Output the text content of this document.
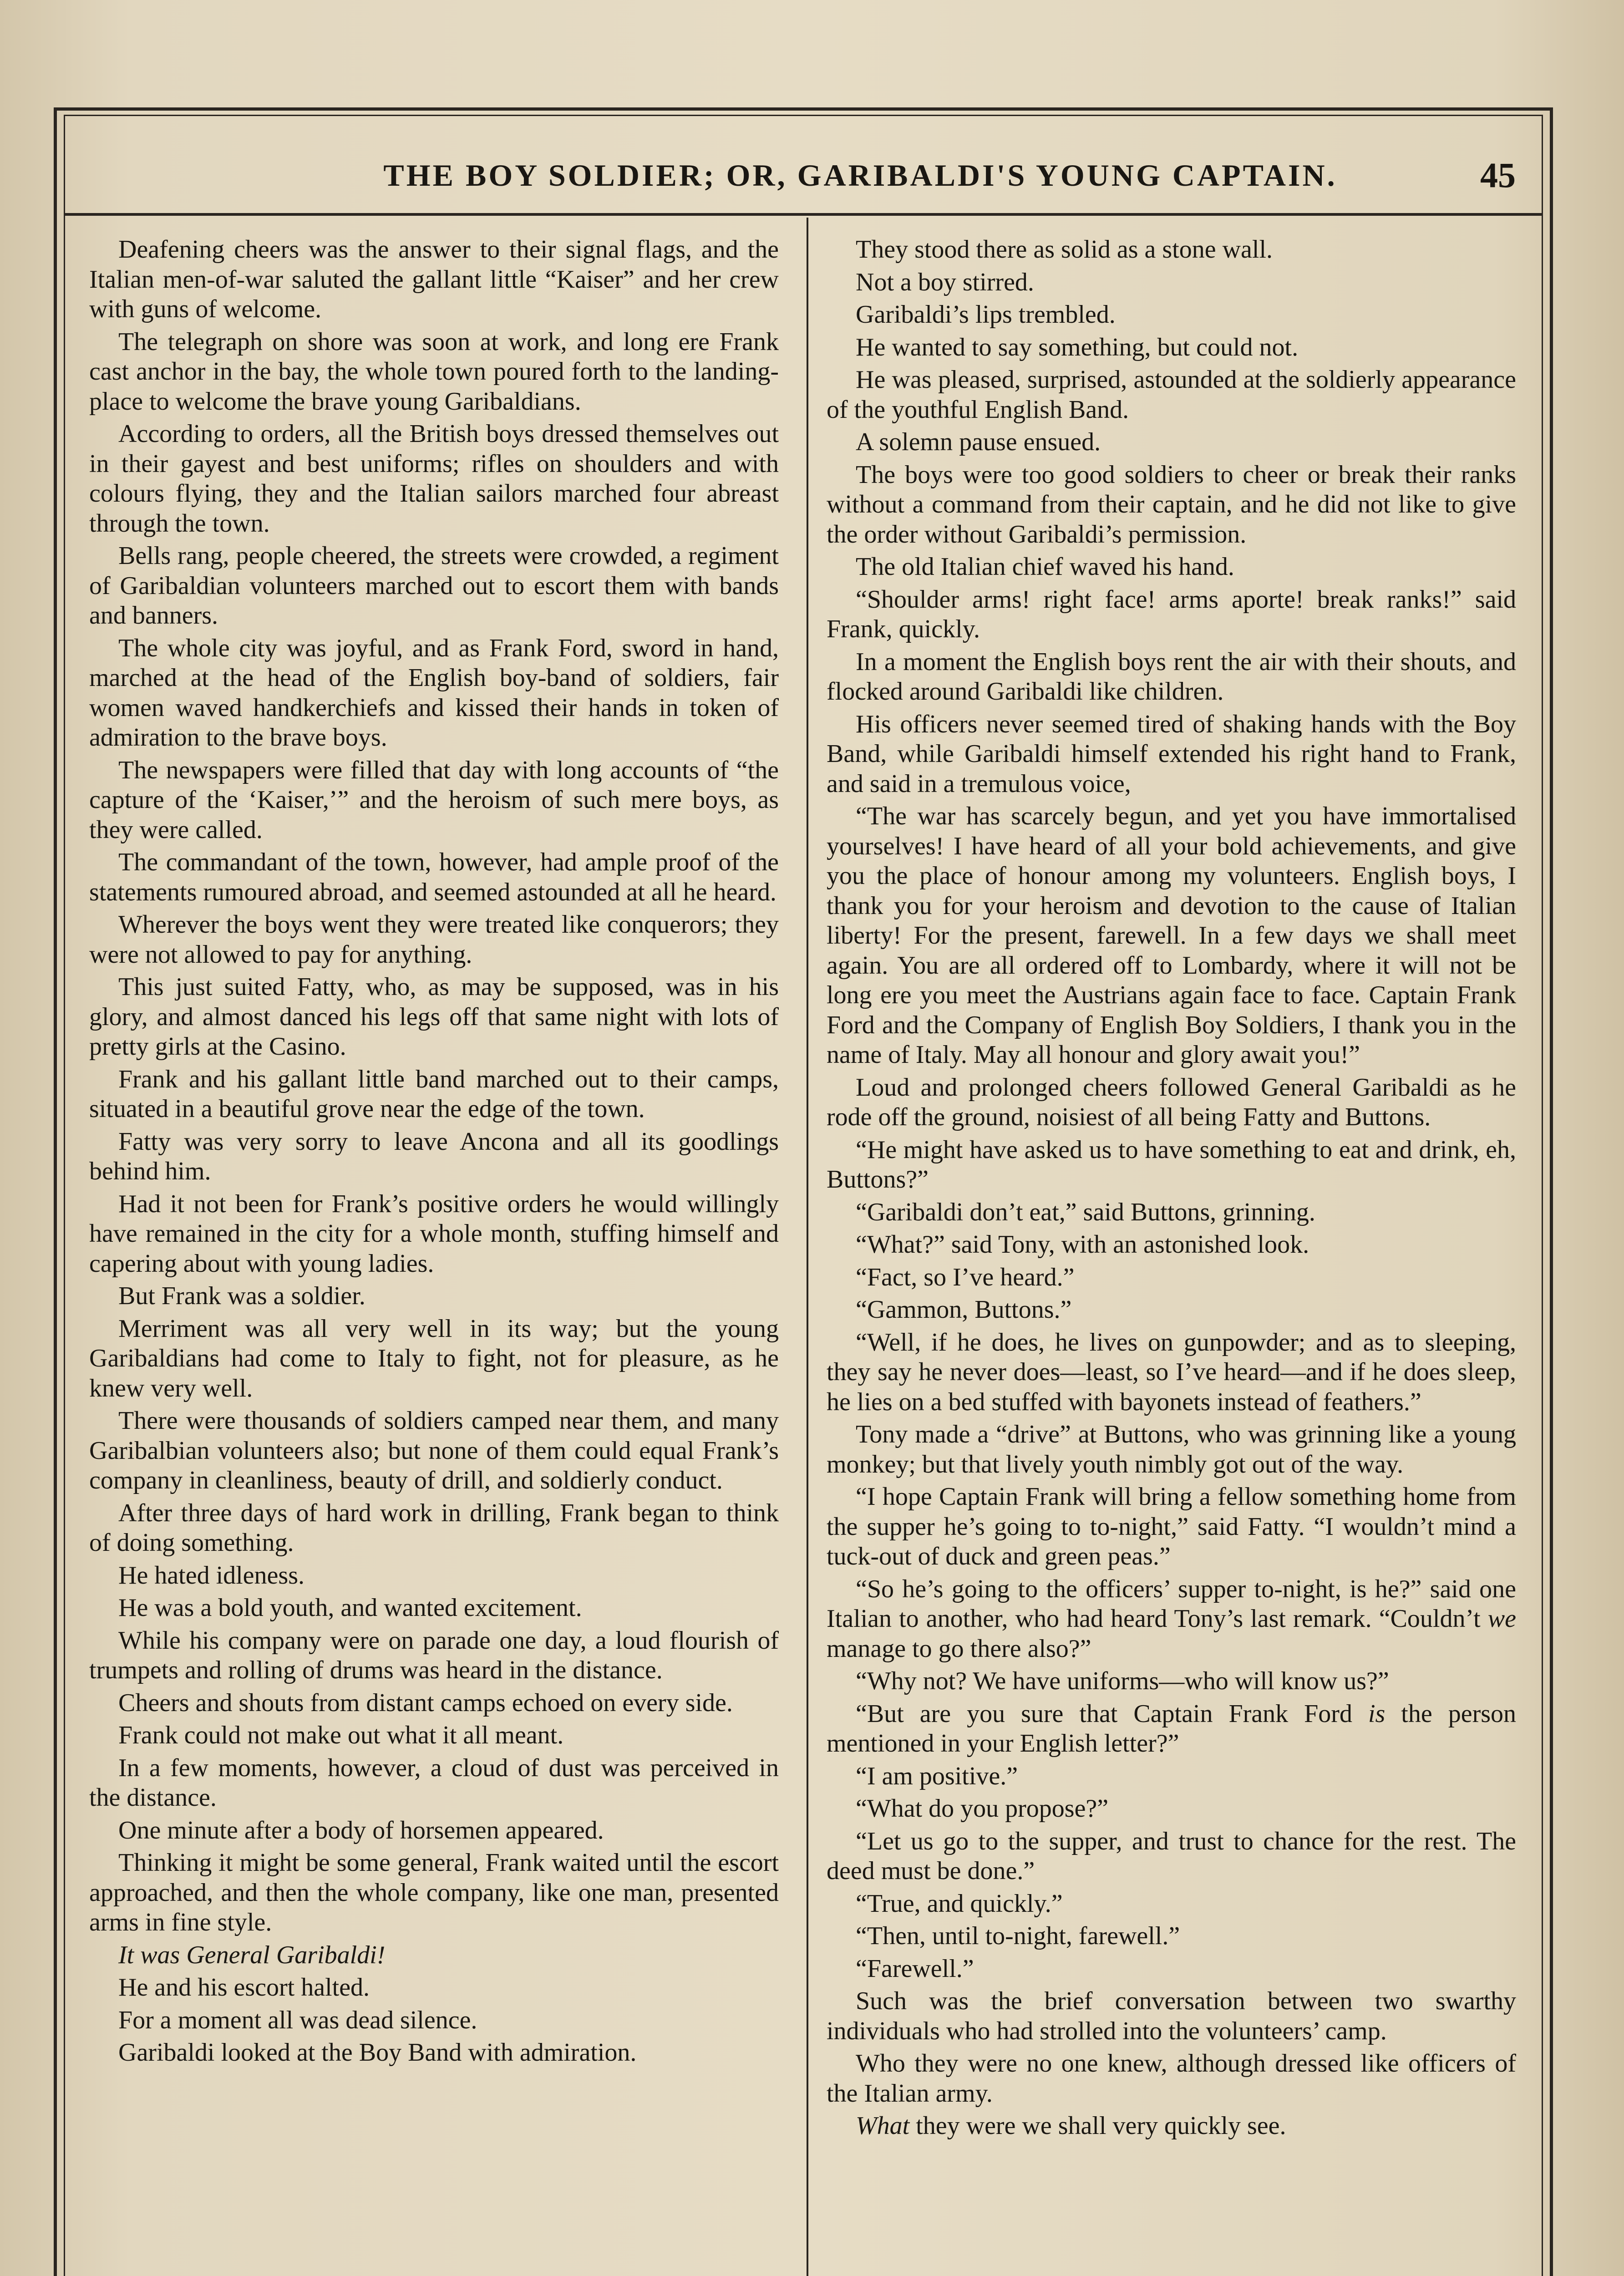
THE BOY SOLDIER; OR, GARIBALDI'S YOUNG CAPTAIN.	45

Deafening cheers was the answer to their signal flags, and the Italian men-of-war saluted the gallant little “Kaiser” and her crew with guns of welcome.

The telegraph on shore was soon at work, and long ere Frank cast anchor in the bay, the whole town poured forth to the landing-place to welcome the brave young Garibaldians.

According to orders, all the British boys dressed themselves out in their gayest and best uniforms; rifles on shoulders and with colours flying, they and the Italian sailors marched four abreast through the town.

Bells rang, people cheered, the streets were crowded, a regiment of Garibaldian volunteers marched out to escort them with bands and banners.

The whole city was joyful, and as Frank Ford, sword in hand, marched at the head of the English boy-band of soldiers, fair women waved handkerchiefs and kissed their hands in token of admiration to the brave boys.

The newspapers were filled that day with long accounts of “the capture of the ‘Kaiser,’” and the heroism of such mere boys, as they were called.

The commandant of the town, however, had ample proof of the statements rumoured abroad, and seemed astounded at all he heard.

Wherever the boys went they were treated like conquerors; they were not allowed to pay for anything.

This just suited Fatty, who, as may be supposed, was in his glory, and almost danced his legs off that same night with lots of pretty girls at the Casino.

Frank and his gallant little band marched out to their camps, situated in a beautiful grove near the edge of the town.

Fatty was very sorry to leave Ancona and all its goodlings behind him.

Had it not been for Frank’s positive orders he would willingly have remained in the city for a whole month, stuffing himself and capering about with young ladies.

But Frank was a soldier.

Merriment was all very well in its way; but the young Garibaldians had come to Italy to fight, not for pleasure, as he knew very well.

There were thousands of soldiers camped near them, and many Garibalbian volunteers also; but none of them could equal Frank’s company in cleanliness, beauty of drill, and soldierly conduct.

After three days of hard work in drilling, Frank began to think of doing something.

He hated idleness.

He was a bold youth, and wanted excitement.

While his company were on parade one day, a loud flourish of trumpets and rolling of drums was heard in the distance.

Cheers and shouts from distant camps echoed on every side.

Frank could not make out what it all meant.

In a few moments, however, a cloud of dust was perceived in the distance.

One minute after a body of horsemen appeared.

Thinking it might be some general, Frank waited until the escort approached, and then the whole company, like one man, presented arms in fine style.

It was General Garibaldi!

He and his escort halted.

For a moment all was dead silence.

Garibaldi looked at the Boy Band with admiration.

They stood there as solid as a stone wall.

Not a boy stirred.

Garibaldi’s lips trembled.

He wanted to say something, but could not.

He was pleased, surprised, astounded at the soldierly appearance of the youthful English Band.

A solemn pause ensued.

The boys were too good soldiers to cheer or break their ranks without a command from their captain, and he did not like to give the order without Garibaldi’s permission.

The old Italian chief waved his hand.

“Shoulder arms! right face! arms aporte! break ranks!” said Frank, quickly.

In a moment the English boys rent the air with their shouts, and flocked around Garibaldi like children.

His officers never seemed tired of shaking hands with the Boy Band, while Garibaldi himself extended his right hand to Frank, and said in a tremulous voice,

“The war has scarcely begun, and yet you have immortalised yourselves! I have heard of all your bold achievements, and give you the place of honour among my volunteers. English boys, I thank you for your heroism and devotion to the cause of Italian liberty! For the present, farewell. In a few days we shall meet again. You are all ordered off to Lombardy, where it will not be long ere you meet the Austrians again face to face. Captain Frank Ford and the Company of English Boy Soldiers, I thank you in the name of Italy. May all honour and glory await you!”

Loud and prolonged cheers followed General Garibaldi as he rode off the ground, noisiest of all being Fatty and Buttons.

“He might have asked us to have something to eat and drink, eh, Buttons?”

“Garibaldi don’t eat,” said Buttons, grinning.

“What?” said Tony, with an astonished look.

“Fact, so I’ve heard.”

“Gammon, Buttons.”

“Well, if he does, he lives on gunpowder; and as to sleeping, they say he never does—least, so I’ve heard—and if he does sleep, he lies on a bed stuffed with bayonets instead of feathers.”

Tony made a “drive” at Buttons, who was grinning like a young monkey; but that lively youth nimbly got out of the way.

“I hope Captain Frank will bring a fellow something home from the supper he’s going to to-night,” said Fatty. “I wouldn’t mind a tuck-out of duck and green peas.”

“So he’s going to the officers’ supper to-night, is he?” said one Italian to another, who had heard Tony’s last remark. “Couldn’t we manage to go there also?”

“Why not? We have uniforms—who will know us?”

“But are you sure that Captain Frank Ford is the person mentioned in your English letter?”

“I am positive.”

“What do you propose?”

“Let us go to the supper, and trust to chance for the rest. The deed must be done.”

“True, and quickly.”

“Then, until to-night, farewell.”

“Farewell.”

Such was the brief conversation between two swarthy individuals who had strolled into the volunteers’ camp.

Who they were no one knew, although dressed like officers of the Italian army.

What they were we shall very quickly see.
